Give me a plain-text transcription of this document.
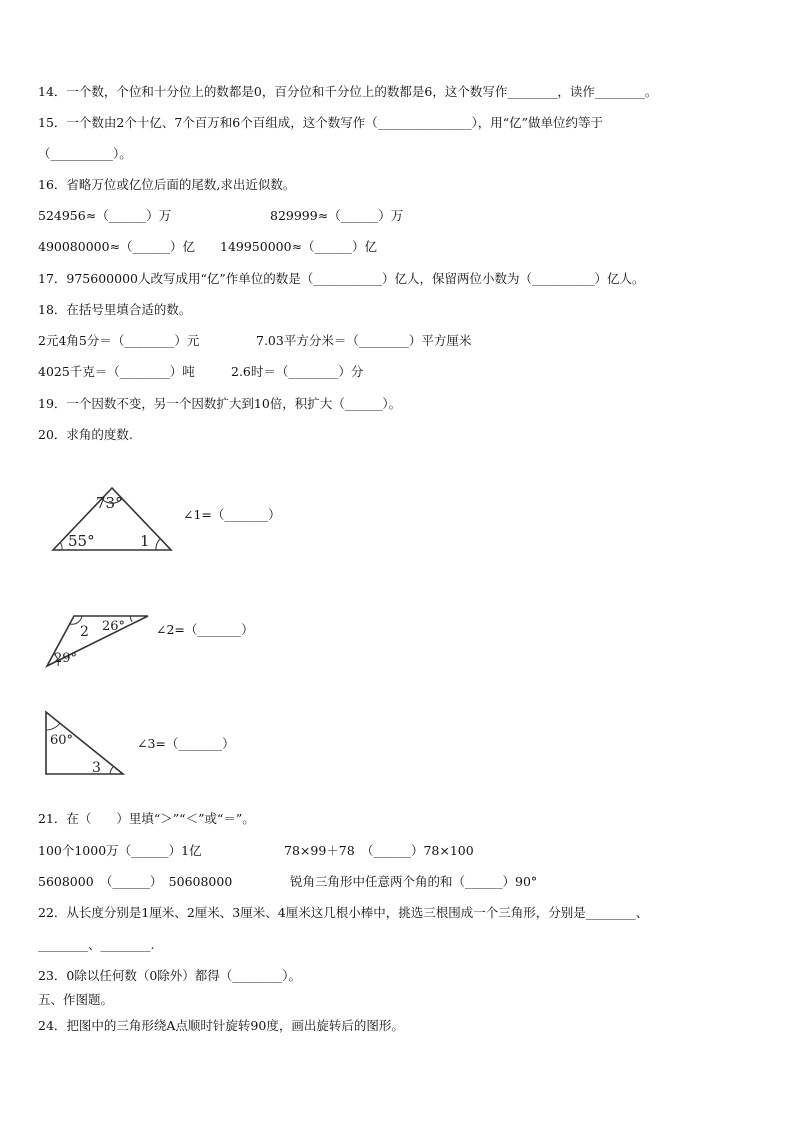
14．一个数，个位和十分位上的数都是0，百分位和千分位上的数都是6，这个数写作________，读作________。
15．一个数由2个十亿、7个百万和6个百组成，这个数写作（_______________），用“亿”做单位约等于
（__________）。
16．省略万位或亿位后面的尾数,求出近似数。
524956≈（______）万	829999≈（______）万
490080000≈（______）亿 149950000≈（______）亿
17．975600000人改写成用“亿”作单位的数是（___________）亿人，保留两位小数为（__________）亿人。
18．在括号里填合适的数。
2元4角5分＝（________）元	7.03平方分米＝（________）平方厘米
4025千克＝（________）吨	2.6时＝（________）分
19．一个因数不变，另一个因数扩大到10倍，积扩大（______）。
20．求角的度数.
73°
55°	1
∠1=（_______）
2 26°
29°
∠2=（_______）
60°
3
∠3=（_______）
21．在（　　）里填“＞”“＜”或“＝”。
100个1000万（______）1亿	78×99＋78　（______）78×100
5608000　（______）　50608000	锐角三角形中任意两个角的和（______）90°
22．从长度分别是1厘米、2厘米、3厘米、4厘米这几根小棒中，挑选三根围成一个三角形，分别是________、
________、________.
23．0除以任何数（0除外）都得（________）。
五、作图题。
24．把图中的三角形绕A点顺时针旋转90度，画出旋转后的图形。
